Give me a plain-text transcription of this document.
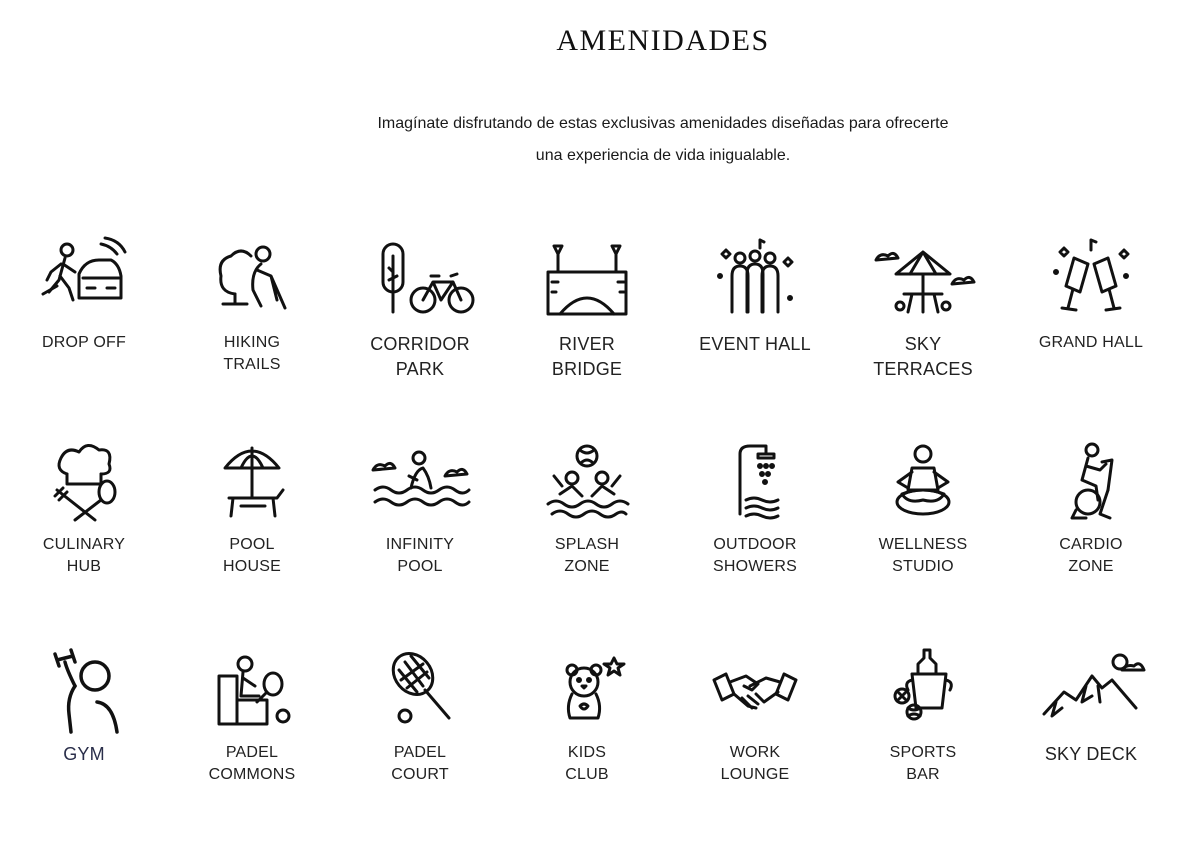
AMENIDADES

Imagínate disfrutando de estas exclusivas amenidades diseñadas para ofrecerte
una experiencia de vida inigualable.

DROP OFF	HIKING
TRAILS
CORRIDOR
PARK
RIVER
BRIDGE
EVENT HALL	SKY
TERRACES
GRAND HALL
CULINARY
HUB
POOL
HOUSE
INFINITY
POOL
SPLASH
ZONE
OUTDOOR
SHOWERS
WELLNESS
STUDIO
CARDIO
ZONE
GYM	PADEL
COMMONS
PADEL
COURT
KIDS
CLUB
WORK
LOUNGE
SPORTS
BAR
SKY DECK
